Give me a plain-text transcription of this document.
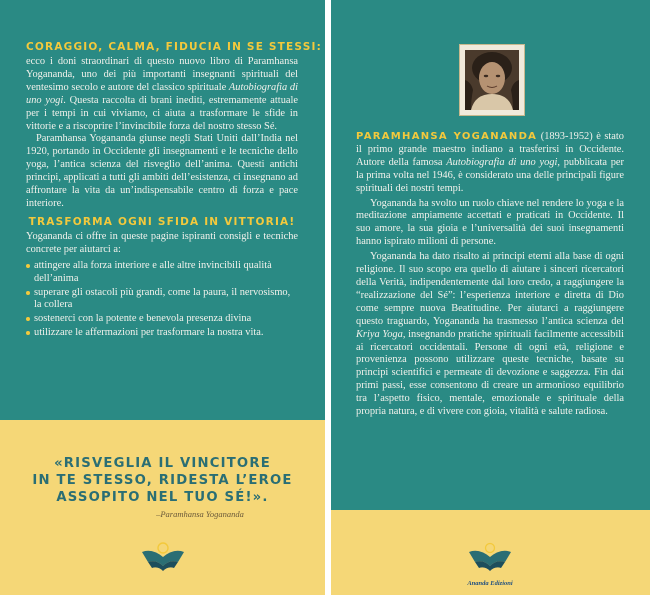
CORAGGIO, CALMA, FIDUCIA IN SE STESSI:

ecco i doni straordinari di questo nuovo libro di Paramhansa Yogananda, uno dei più importanti insegnanti spirituali del ventesimo secolo e autore del classico spirituale Autobiografia di uno yogi. Questa raccolta di brani inediti, estremamente attuale per i tempi in cui viviamo, ci aiuta a trasformare le sfide in vittorie e a riscoprire l’invincibile forza del nostro stesso Sé.

Paramhansa Yogananda giunse negli Stati Uniti dall’India nel 1920, portando in Occidente gli insegnamenti e le tecniche dello yoga, l’antica scienza del risveglio dell’anima. Questi antichi principi, applicati a tutti gli ambiti dell’esistenza, ci insegnano ad affrontare la vita da un’indispensabile centro di forza e pace interiore.

TRASFORMA OGNI SFIDA IN VITTORIA!

Yogananda ci offre in queste pagine ispiranti consigli e tecniche concrete per aiutarci a:

attingere alla forza interiore e alle altre invincibili qualità dell’anima
superare gli ostacoli più grandi, come la paura, il nervosismo, la collera
sostenerci con la potente e benevola presenza divina
utilizzare le affermazioni per trasformare la nostra vita.
«RISVEGLIA IL VINCITORE
IN TE STESSO, RIDESTA L’EROE
ASSOPITO NEL TUO SÉ!».
–Paramhansa Yogananda

PARAMHANSA YOGANANDA (1893-1952) è stato il primo grande maestro indiano a trasferirsi in Occidente. Autore della famosa Autobiografia di uno yogi, pubblicata per la prima volta nel 1946, è considerato una delle principali figure spirituali dei nostri tempi.

Yogananda ha svolto un ruolo chiave nel rendere lo yoga e la meditazione ampiamente accettati e praticati in Occidente. Il suo amore, la sua gioia e l’universalità dei suoi insegnamenti hanno ispirato milioni di persone.

Yogananda ha dato risalto ai principi eterni alla base di ogni religione. Il suo scopo era quello di aiutare i sinceri ricercatori della Verità, indipendentemente dal loro credo, a raggiungere la “realizzazione del Sé”: l’esperienza interiore e diretta di Dio come sempre nuova Beatitudine. Per aiutarci a raggiungere questo traguardo, Yogananda ha trasmesso l’antica scienza del Kriya Yoga, insegnando pratiche spirituali facilmente accessibili ai ricercatori occidentali. Persone di ogni età, religione e provenienza possono utilizzare queste tecniche, basate su principi scientifici e permeate di devozione e saggezza. Fin dai primi passi, esse consentono di creare un armonioso equilibrio tra l’aspetto fisico, mentale, emozionale e spirituale della propria natura, e di vivere con gioia, vitalità e salute radiosa.

Ananda Edizioni
